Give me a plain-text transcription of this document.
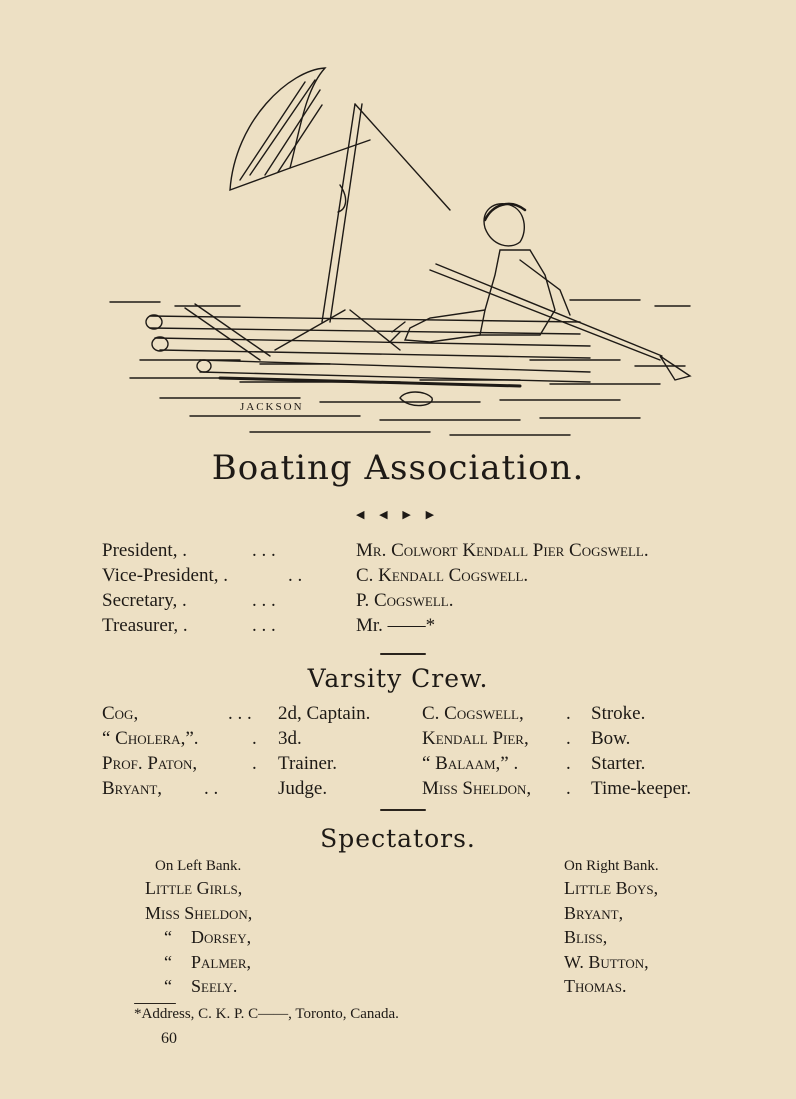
JACKSON
Boating Association.
◀ ◀ ▶ ▶
President, .	. . .	Mr. Colwort Kendall Pier Cogswell.
Vice-President, .	. .	C. Kendall Cogswell.
Secretary, .	. . .	P. Cogswell.
Treasurer, .	. . .	Mr. ——*
Varsity Crew.
Cog,	. . . 2d, Captain.	C. Cogswell, . Stroke.
“ Cholera,”.	. 3d.	Kendall Pier, . Bow.
Prof. Paton,	. Trainer.	“ Balaam,” .	. Starter.
Bryant, . .	Judge.	Miss Sheldon, . Time-keeper.
Spectators.
On Left Bank.
Little Girls,
Miss Sheldon,
“ Dorsey,
“ Palmer,
“ Seely.
On Right Bank.
Little Boys,
Bryant,
Bliss,
W. Button,
Thomas.
*Address, C. K. P. C——, Toronto, Canada.
60
